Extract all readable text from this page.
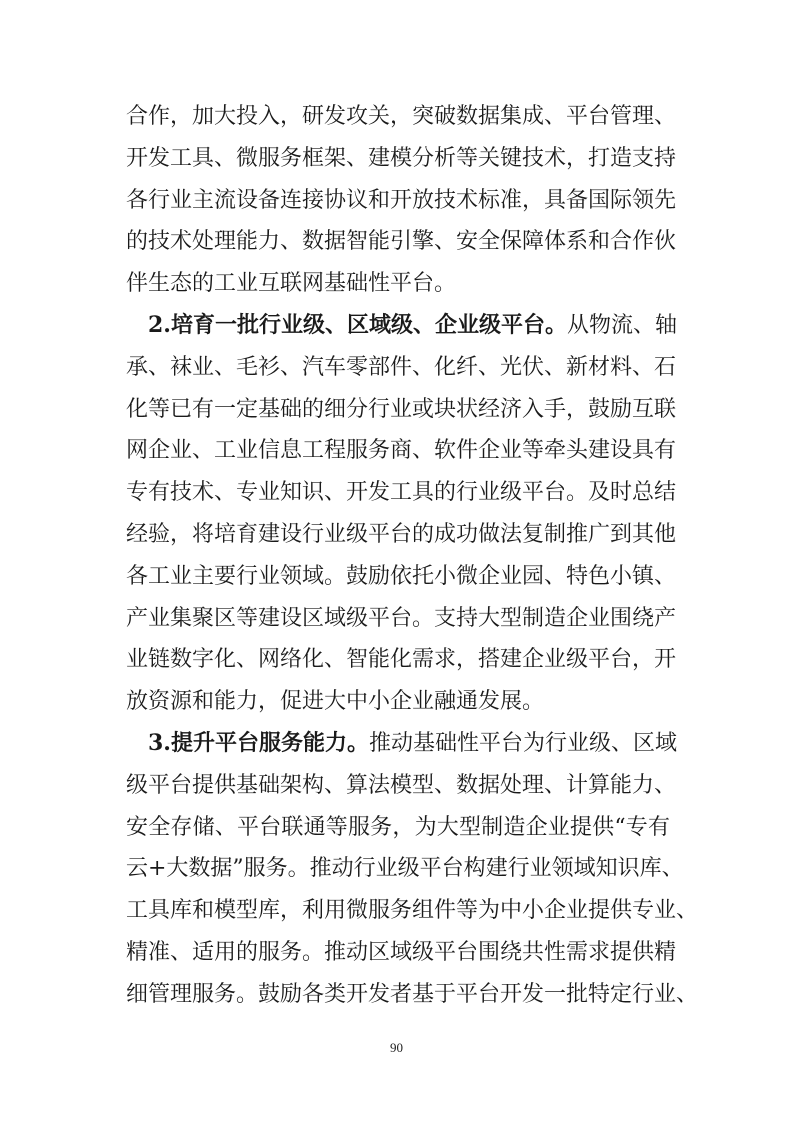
合作，加大投入，研发攻关，突破数据集成、平台管理、
开发工具、微服务框架、建模分析等关键技术，打造支持
各行业主流设备连接协议和开放技术标准，具备国际领先
的技术处理能力、数据智能引擎、安全保障体系和合作伙
伴生态的工业互联网基础性平台。
2.培育一批行业级、区域级、企业级平台。从物流、轴
承、袜业、毛衫、汽车零部件、化纤、光伏、新材料、石
化等已有一定基础的细分行业或块状经济入手，鼓励互联
网企业、工业信息工程服务商、软件企业等牵头建设具有
专有技术、专业知识、开发工具的行业级平台。及时总结
经验，将培育建设行业级平台的成功做法复制推广到其他
各工业主要行业领域。鼓励依托小微企业园、特色小镇、
产业集聚区等建设区域级平台。支持大型制造企业围绕产
业链数字化、网络化、智能化需求，搭建企业级平台，开
放资源和能力，促进大中小企业融通发展。
3.提升平台服务能力。推动基础性平台为行业级、区域
级平台提供基础架构、算法模型、数据处理、计算能力、
安全存储、平台联通等服务，为大型制造企业提供“专有
云+大数据”服务。推动行业级平台构建行业领域知识库、
工具库和模型库，利用微服务组件等为中小企业提供专业、
精准、适用的服务。推动区域级平台围绕共性需求提供精
细管理服务。鼓励各类开发者基于平台开发一批特定行业、
90
